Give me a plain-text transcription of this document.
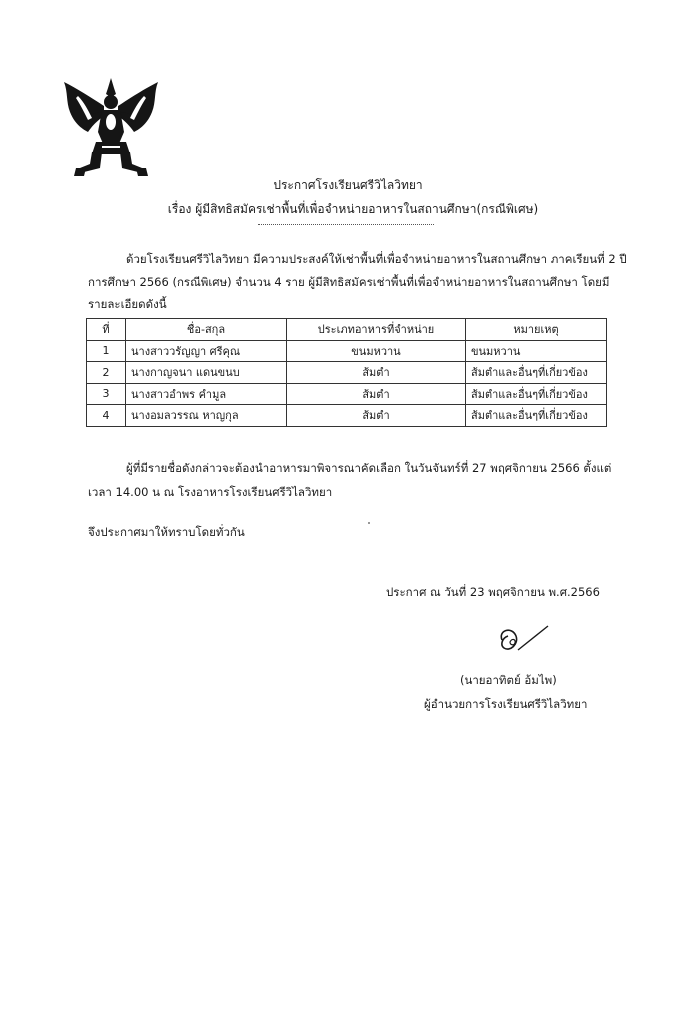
ประกาศโรงเรียนศรีวิไลวิทยา
เรื่อง ผู้มีสิทธิสมัครเช่าพื้นที่เพื่อจำหน่ายอาหารในสถานศึกษา(กรณีพิเศษ)
ด้วยโรงเรียนศรีวิไลวิทยา มีความประสงค์ให้เช่าพื้นที่เพื่อจำหน่ายอาหารในสถานศึกษา ภาคเรียนที่ 2 ปีการศึกษา 2566 (กรณีพิเศษ) จำนวน 4 ราย ผู้มีสิทธิสมัครเช่าพื้นที่เพื่อจำหน่ายอาหารในสถานศึกษา โดยมีรายละเอียดดังนี้
ที่	ชื่อ-สกุล	ประเภทอาหารที่จำหน่าย	หมายเหตุ
1	นางสาววรัญญา ศรีคุณ	ขนมหวาน	ขนมหวาน
2	นางกาญจนา แดนขนบ	ส้มตำ	ส้มตำและอื่นๆที่เกี่ยวข้อง
3	นางสาวอำพร คำมูล	ส้มตำ	ส้มตำและอื่นๆที่เกี่ยวข้อง
4	นางอมลวรรณ หาญกุล	ส้มตำ	ส้มตำและอื่นๆที่เกี่ยวข้อง
ผู้ที่มีรายชื่อดังกล่าวจะต้องนำอาหารมาพิจารณาคัดเลือก ในวันจันทร์ที่ 27 พฤศจิกายน 2566 ตั้งแต่เวลา 14.00 น ณ โรงอาหารโรงเรียนศรีวิไลวิทยา
จึงประกาศมาให้ทราบโดยทั่วกัน
ประกาศ ณ วันที่ 23 พฤศจิกายน พ.ศ.2566
(นายอาทิตย์ อ้มไพ)
ผู้อำนวยการโรงเรียนศรีวิไลวิทยา
